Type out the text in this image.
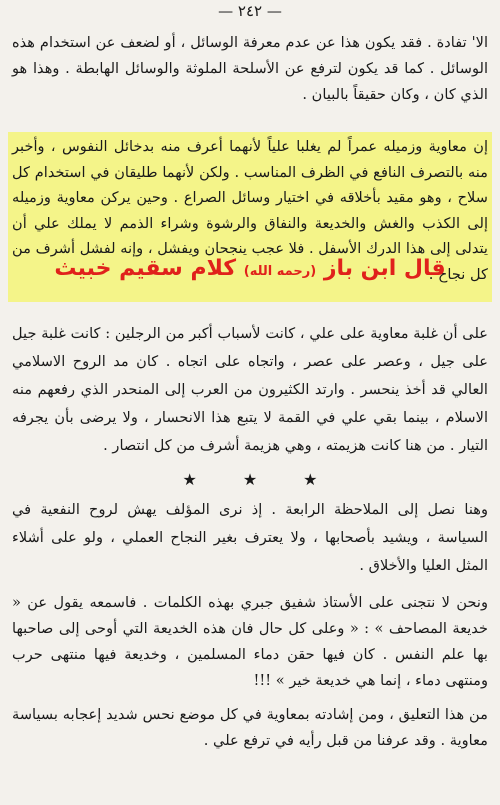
— ٢٤٢ —

الا' تفادة . فقد يكون هذا عن عدم معرفة الوسائل ، أو لضعف عن استخدام هذه الوسائل . كما قد يكون لترفع عن الأسلحة الملوثة والوسائل الهابطة . وهذا هو الذي كان ، وكان حقيقاً بالبيان .

إن معاوية وزميله عمراً لم يغلبا علياً لأنهما أعرف منه بدخائل النفوس ، وأخبر منه بالتصرف النافع في الظرف المناسب . ولكن لأنهما طليقان في استخدام كل سلاح ، وهو مقيد بأخلاقه في اختيار وسائل الصراع . وحين يركن معاوية وزميله إلى الكذب والغش والخديعة والنفاق والرشوة وشراء الذمم لا يملك علي أن يتدلى إلى هذا الدرك الأسفل . فلا عجب ينجحان ويفشل ، وإنه لفشل أشرف من كل نجاح .

قال ابن باز (رحمه الله) كلام سقيم خبيث

على أن غلبة معاوية على علي ، كانت لأسباب أكبر من الرجلين : كانت غلبة جيل على جيل ، وعصر على عصر ، واتجاه على اتجاه . كان مد الروح الاسلامي العالي قد أخذ ينحسر . وارتد الكثيرون من العرب إلى المنحدر الذي رفعهم منه الاسلام ، بينما بقي علي في القمة لا يتبع هذا الانحسار ، ولا يرضى بأن يجرفه التيار . من هنا كانت هزيمته ، وهي هزيمة أشرف من كل انتصار .

★★★

وهنا نصل إلى الملاحظة الرابعة . إذ نرى المؤلف يهش لروح النفعية في السياسة ، ويشيد بأصحابها ، ولا يعترف بغير النجاح العملي ، ولو على أشلاء المثل العليا والأخلاق .

ونحن لا نتجنى على الأستاذ شفيق جبري بهذه الكلمات . فاسمعه يقول عن « خديعة المصاحف » : « وعلى كل حال فان هذه الخديعة التي أوحى إلى صاحبها بها علم النفس . كان فيها حقن دماء المسلمين ، وخديعة فيها منتهى حرب ومنتهى دماء ، إنما هي خديعة خير » !!!

من هذا التعليق ، ومن إشادته بمعاوية في كل موضع نحس شديد إعجابه بسياسة معاوية . وقد عرفنا من قبل رأيه في ترفع علي .
